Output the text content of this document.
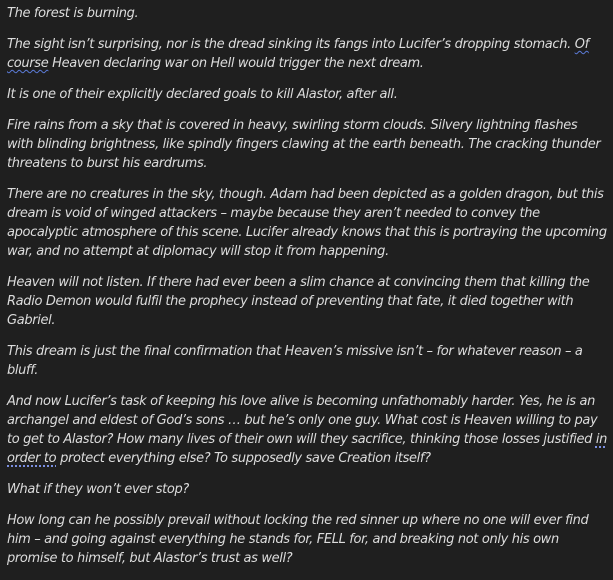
The forest is burning.

The sight isn’t surprising, nor is the dread sinking its fangs into Lucifer’s dropping stomach. Of course Heaven declaring war on Hell would trigger the next dream.

It is one of their explicitly declared goals to kill Alastor, after all.

Fire rains from a sky that is covered in heavy, swirling storm clouds. Silvery lightning flashes with blinding brightness, like spindly fingers clawing at the earth beneath. The cracking thunder threatens to burst his eardrums.

There are no creatures in the sky, though. Adam had been depicted as a golden dragon, but this dream is void of winged attackers – maybe because they aren’t needed to convey the apocalyptic atmosphere of this scene. Lucifer already knows that this is portraying the upcoming war, and no attempt at diplomacy will stop it from happening.

Heaven will not listen. If there had ever been a slim chance at convincing them that killing the Radio Demon would fulfil the prophecy instead of preventing that fate, it died together with Gabriel.

This dream is just the final confirmation that Heaven’s missive isn’t – for whatever reason – a bluff.

And now Lucifer’s task of keeping his love alive is becoming unfathomably harder. Yes, he is an archangel and eldest of God’s sons … but he’s only one guy. What cost is Heaven willing to pay to get to Alastor? How many lives of their own will they sacrifice, thinking those losses justified in order to protect everything else? To supposedly save Creation itself?

What if they won’t ever stop?

How long can he possibly prevail without locking the red sinner up where no one will ever find him – and going against everything he stands for, FELL for, and breaking not only his own promise to himself, but Alastor’s trust as well?
